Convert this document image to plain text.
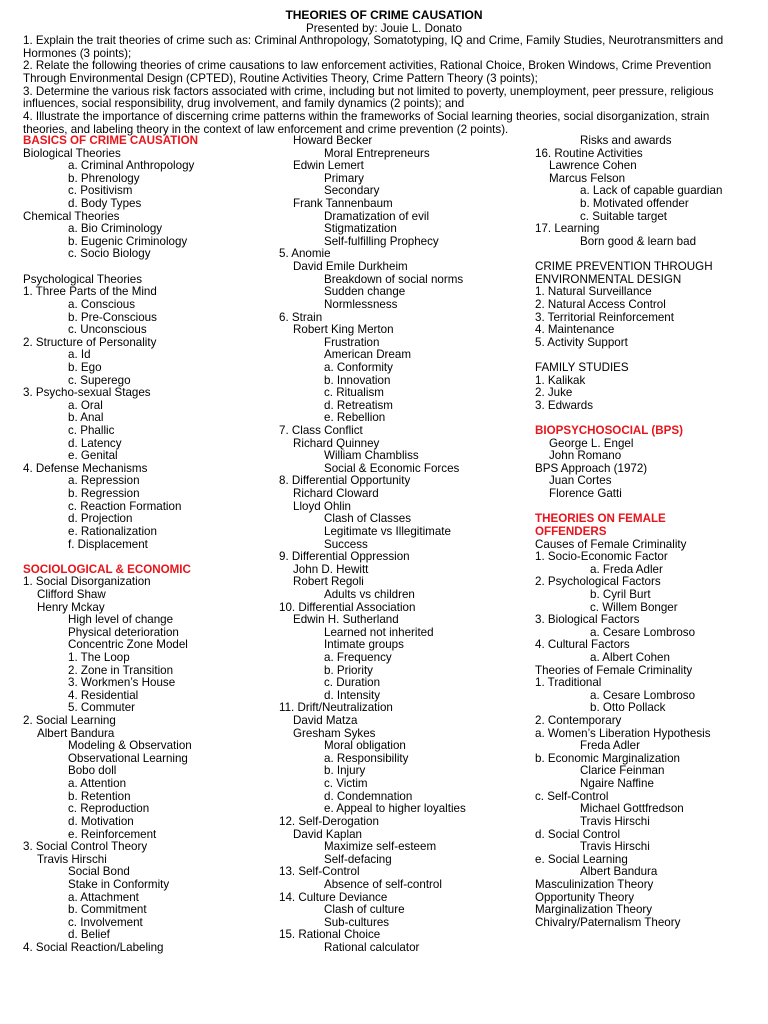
THEORIES OF CRIME CAUSATION
Presented by: Jouie L. Donato

1. Explain the trait theories of crime such as: Criminal Anthropology, Somatotyping, IQ and Crime, Family Studies, Neurotransmitters and Hormones (3 points);

2. Relate the following theories of crime causations to law enforcement activities, Rational Choice, Broken Windows, Crime Prevention Through Environmental Design (CPTED), Routine Activities Theory, Crime Pattern Theory (3 points);

3. Determine the various risk factors associated with crime, including but not limited to poverty, unemployment, peer pressure, religious influences, social responsibility, drug involvement, and family dynamics (2 points); and

4. Illustrate the importance of discerning crime patterns within the frameworks of Social learning theories, social disorganization, strain theories, and labeling theory in the context of law enforcement and crime prevention (2 points).

BASICS OF CRIME CAUSATION
Biological Theories
a. Criminal Anthropology
b. Phrenology
c. Positivism
d. Body Types
Chemical Theories
a. Bio Criminology
b. Eugenic Criminology
c. Socio Biology
Psychological Theories
1. Three Parts of the Mind
a. Conscious
b. Pre-Conscious
c. Unconscious
2. Structure of Personality
a. Id
b. Ego
c. Superego
3. Psycho-sexual Stages
a. Oral
b. Anal
c. Phallic
d. Latency
e. Genital
4. Defense Mechanisms
a. Repression
b. Regression
c. Reaction Formation
d. Projection
e. Rationalization
f. Displacement
SOCIOLOGICAL & ECONOMIC
1. Social Disorganization
Clifford Shaw
Henry Mckay
High level of change
Physical deterioration
Concentric Zone Model
1. The Loop
2. Zone in Transition
3. Workmen’s House
4. Residential
5. Commuter
2. Social Learning
Albert Bandura
Modeling & Observation
Observational Learning
Bobo doll
a. Attention
b. Retention
c. Reproduction
d. Motivation
e. Reinforcement
3. Social Control Theory
Travis Hirschi
Social Bond
Stake in Conformity
a. Attachment
b. Commitment
c. Involvement
d. Belief
4. Social Reaction/Labeling
Howard Becker
Moral Entrepreneurs
Edwin Lemert
Primary
Secondary
Frank Tannenbaum
Dramatization of evil
Stigmatization
Self-fulfilling Prophecy
5. Anomie
David Emile Durkheim
Breakdown of social norms
Sudden change
Normlessness
6. Strain
Robert King Merton
Frustration
American Dream
a. Conformity
b. Innovation
c. Ritualism
d. Retreatism
e. Rebellion
7. Class Conflict
Richard Quinney
William Chambliss
Social & Economic Forces
8. Differential Opportunity
Richard Cloward
Lloyd Ohlin
Clash of Classes
Legitimate vs Illegitimate
Success
9. Differential Oppression
John D. Hewitt
Robert Regoli
Adults vs children
10. Differential Association
Edwin H. Sutherland
Learned not inherited
Intimate groups
a. Frequency
b. Priority
c. Duration
d. Intensity
11. Drift/Neutralization
David Matza
Gresham Sykes
Moral obligation
a. Responsibility
b. Injury
c. Victim
d. Condemnation
e. Appeal to higher loyalties
12. Self-Derogation
David Kaplan
Maximize self-esteem
Self-defacing
13. Self-Control
Absence of self-control
14. Culture Deviance
Clash of culture
Sub-cultures
15. Rational Choice
Rational calculator
Risks and awards
16. Routine Activities
Lawrence Cohen
Marcus Felson
a. Lack of capable guardian
b. Motivated offender
c. Suitable target
17. Learning
Born good & learn bad
CRIME PREVENTION THROUGH
ENVIRONMENTAL DESIGN
1. Natural Surveillance
2. Natural Access Control
3. Territorial Reinforcement
4. Maintenance
5. Activity Support
FAMILY STUDIES
1. Kalikak
2. Juke
3. Edwards
BIOPSYCHOSOCIAL (BPS)
George L. Engel
John Romano
BPS Approach (1972)
Juan Cortes
Florence Gatti
THEORIES ON FEMALE
OFFENDERS
Causes of Female Criminality
1. Socio-Economic Factor
a. Freda Adler
2. Psychological Factors
b. Cyril Burt
c. Willem Bonger
3. Biological Factors
a. Cesare Lombroso
4. Cultural Factors
a. Albert Cohen
Theories of Female Criminality
1. Traditional
a. Cesare Lombroso
b. Otto Pollack
2. Contemporary
a. Women’s Liberation Hypothesis
Freda Adler
b. Economic Marginalization
Clarice Feinman
Ngaire Naffine
c. Self-Control
Michael Gottfredson
Travis Hirschi
d. Social Control
Travis Hirschi
e. Social Learning
Albert Bandura
Masculinization Theory
Opportunity Theory
Marginalization Theory
Chivalry/Paternalism Theory
